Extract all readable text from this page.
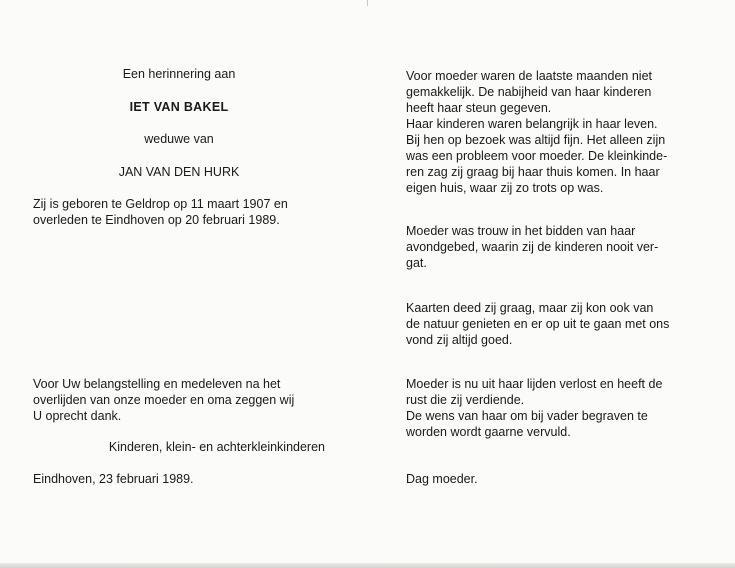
Een herinnering aan
IET VAN BAKEL
weduwe van
JAN VAN DEN HURK
Zij is geboren te Geldrop op 11 maart 1907 en
overleden te Eindhoven op 20 februari 1989.
Voor Uw belangstelling en medeleven na het
overlijden van onze moeder en oma zeggen wij
U oprecht dank.
Kinderen, klein- en achterkleinkinderen
Eindhoven, 23 februari 1989.
Voor moeder waren de laatste maanden niet
gemakkelijk. De nabijheid van haar kinderen
heeft haar steun gegeven.
Haar kinderen waren belangrijk in haar leven.
Bij hen op bezoek was altijd fijn. Het alleen zijn
was een probleem voor moeder. De kleinkinde-
ren zag zij graag bij haar thuis komen. In haar
eigen huis, waar zij zo trots op was.
Moeder was trouw in het bidden van haar
avondgebed, waarin zij de kinderen nooit ver-
gat.
Kaarten deed zij graag, maar zij kon ook van
de natuur genieten en er op uit te gaan met ons
vond zij altijd goed.
Moeder is nu uit haar lijden verlost en heeft de
rust die zij verdiende.
De wens van haar om bij vader begraven te
worden wordt gaarne vervuld.
Dag moeder.
